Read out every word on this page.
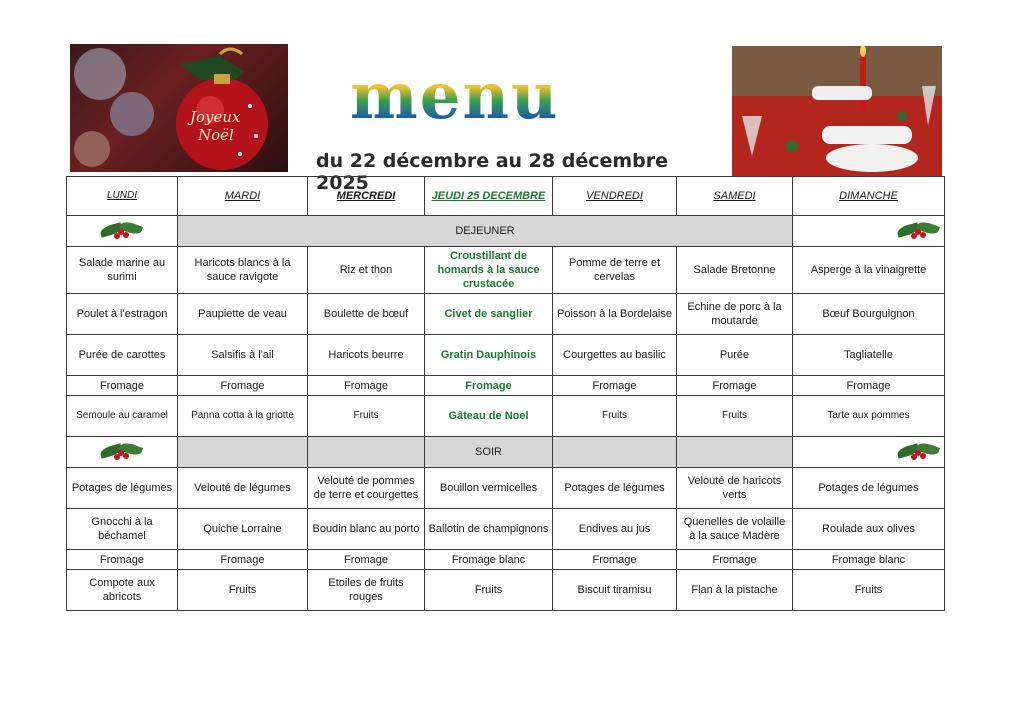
Joyeux
Noël
menu
du 22 décembre au 28 décembre 2025
LUNDI	MARDI	MERCREDI	JEUDI 25 DECEMBRE	VENDREDI	SAMEDI	DIMANCHE

	DEJEUNER					

Salade marine au surimi	Haricots blancs à la sauce ravigote	Riz et thon	Croustillant de homards à la sauce crustacée	Pomme de terre et cervelas	Salade Bretonne	Asperge à la vinaigrette
Poulet à l'estragon	Paupiette de veau	Boulette de bœuf	Civet de sanglier	Poisson à la Bordelaise	Echine de porc à la moutarde	Bœuf Bourguignon
Purée de carottes	Salsifis à l'ail	Haricots beurre	Gratin Dauphinois	Courgettes au basilic	Purée	Tagliatelle
Fromage	Fromage	Fromage	Fromage	Fromage	Fromage	Fromage
Semoule au caramel	Panna cotta à la griotte	Fruits	Gâteau de Noel	Fruits	Fruits	Tarte aux pommes

			SOIR			

Potages de légumes	Velouté de légumes	Velouté de pommes de terre et courgettes	Bouillon vermicelles	Potages de légumes	Velouté de haricots verts	Potages de légumes
Gnocchi à la béchamel	Quiche Lorraine	Boudin blanc au porto	Ballotin de champignons	Endives au jus	Quenelles de volaille à la sauce Madère	Roulade aux olives
Fromage	Fromage	Fromage	Fromage blanc	Fromage	Fromage	Fromage blanc
Compote aux abricots	Fruits	Etoiles de fruits rouges	Fruits	Biscuit tiramisu	Flan à la pistache	Fruits
